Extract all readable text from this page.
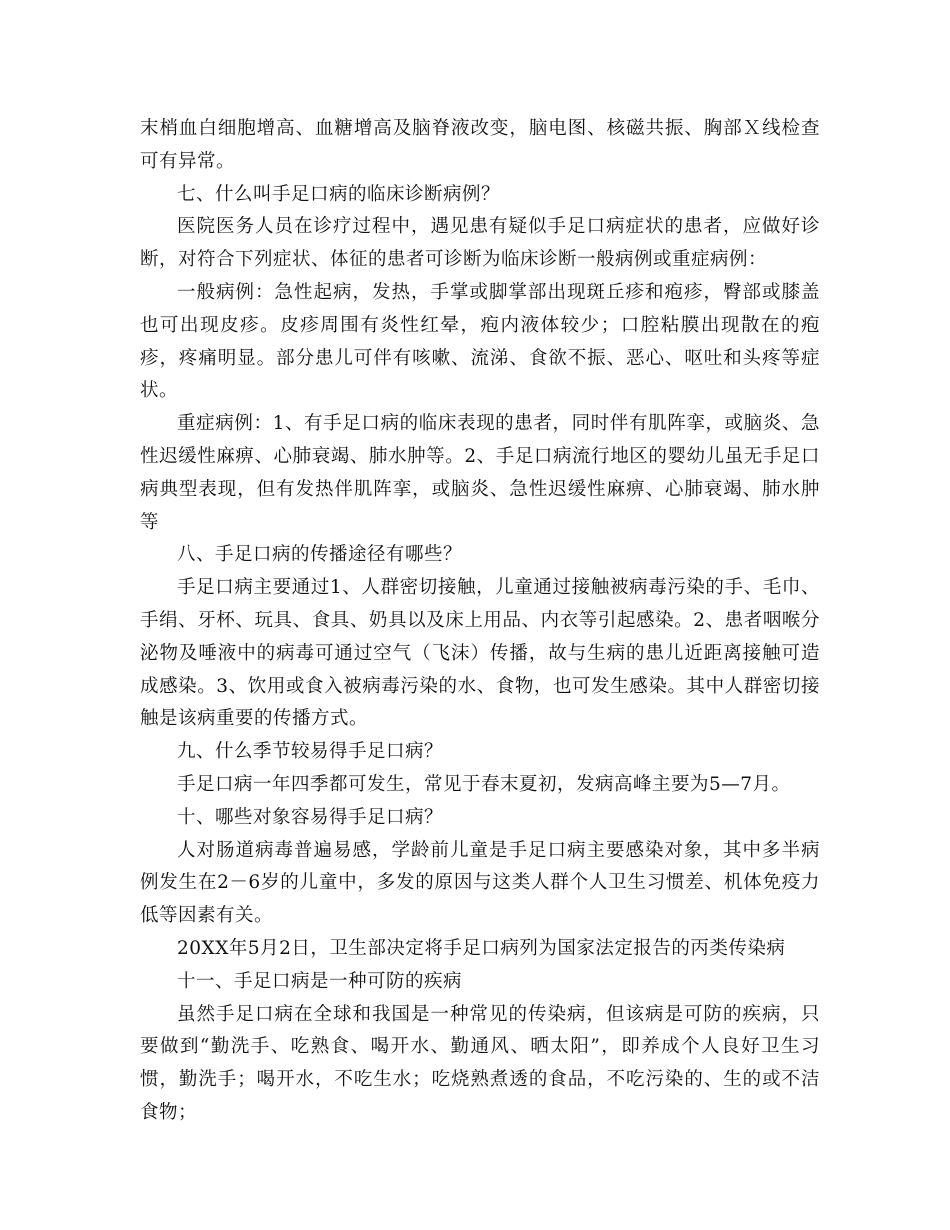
末梢血白细胞增高、血糖增高及脑脊液改变，脑电图、核磁共振、胸部Ｘ线检查可有异常。

七、什么叫手足口病的临床诊断病例？

医院医务人员在诊疗过程中，遇见患有疑似手足口病症状的患者，应做好诊断，对符合下列症状、体征的患者可诊断为临床诊断一般病例或重症病例：

一般病例：急性起病，发热，手掌或脚掌部出现斑丘疹和疱疹，臀部或膝盖也可出现皮疹。皮疹周围有炎性红晕，疱内液体较少；口腔粘膜出现散在的疱疹，疼痛明显。部分患儿可伴有咳嗽、流涕、食欲不振、恶心、呕吐和头疼等症状。

重症病例：1、有手足口病的临床表现的患者，同时伴有肌阵挛，或脑炎、急性迟缓性麻痹、心肺衰竭、肺水肿等。2、手足口病流行地区的婴幼儿虽无手足口病典型表现，但有发热伴肌阵挛，或脑炎、急性迟缓性麻痹、心肺衰竭、肺水肿等

八、手足口病的传播途径有哪些？

手足口病主要通过1、人群密切接触，儿童通过接触被病毒污染的手、毛巾、手绢、牙杯、玩具、食具、奶具以及床上用品、内衣等引起感染。2、患者咽喉分泌物及唾液中的病毒可通过空气（飞沫）传播，故与生病的患儿近距离接触可造成感染。3、饮用或食入被病毒污染的水、食物，也可发生感染。其中人群密切接触是该病重要的传播方式。

九、什么季节较易得手足口病？

手足口病一年四季都可发生，常见于春末夏初，发病高峰主要为5—7月。

十、哪些对象容易得手足口病？

人对肠道病毒普遍易感，学龄前儿童是手足口病主要感染对象，其中多半病例发生在2－6岁的儿童中，多发的原因与这类人群个人卫生习惯差、机体免疫力低等因素有关。

20XX年5月2日，卫生部决定将手足口病列为国家法定报告的丙类传染病

十一、手足口病是一种可防的疾病

虽然手足口病在全球和我国是一种常见的传染病，但该病是可防的疾病，只要做到“勤洗手、吃熟食、喝开水、勤通风、晒太阳”，即养成个人良好卫生习惯，勤洗手；喝开水，不吃生水；吃烧熟煮透的食品，不吃污染的、生的或不洁食物；
